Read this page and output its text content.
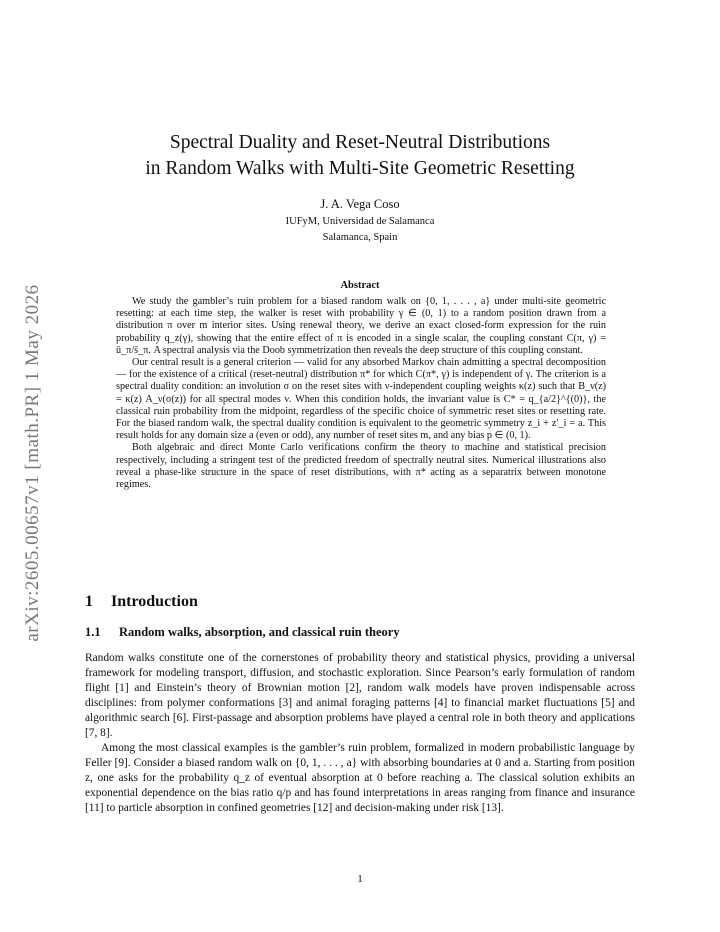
arXiv:2605.00657v1 [math.PR] 1 May 2026
Spectral Duality and Reset-Neutral Distributions
in Random Walks with Multi-Site Geometric Resetting
J. A. Vega Coso
IUFyM, Universidad de Salamanca
Salamanca, Spain
Abstract

We study the gambler’s ruin problem for a biased random walk on {0, 1, . . . , a} under multi-site geometric resetting: at each time step, the walker is reset with probability γ ∈ (0, 1) to a random position drawn from a distribution π over m interior sites. Using renewal theory, we derive an exact closed-form expression for the ruin probability q_z(γ), showing that the entire effect of π is encoded in a single scalar, the coupling constant C(π, γ) = ū_π/s̄_π. A spectral analysis via the Doob symmetrization then reveals the deep structure of this coupling constant.

Our central result is a general criterion — valid for any absorbed Markov chain admitting a spectral decomposition — for the existence of a critical (reset-neutral) distribution π* for which C(π*, γ) is independent of γ. The criterion is a spectral duality condition: an involution σ on the reset sites with ν-independent coupling weights κ(z) such that B_ν(z) = κ(z) A_ν(σ(z)) for all spectral modes ν. When this condition holds, the invariant value is C* = q_{a/2}^{(0)}, the classical ruin probability from the midpoint, regardless of the specific choice of symmetric reset sites or resetting rate. For the biased random walk, the spectral duality condition is equivalent to the geometric symmetry z_i + z′_i = a. This result holds for any domain size a (even or odd), any number of reset sites m, and any bias p ∈ (0, 1).

Both algebraic and direct Monte Carlo verifications confirm the theory to machine and statistical precision respectively, including a stringent test of the predicted freedom of spectrally neutral sites. Numerical illustrations also reveal a phase-like structure in the space of reset distributions, with π* acting as a separatrix between monotone regimes.

1 Introduction
1.1 Random walks, absorption, and classical ruin theory

Random walks constitute one of the cornerstones of probability theory and statistical physics, providing a universal framework for modeling transport, diffusion, and stochastic exploration. Since Pearson’s early formulation of random flight [1] and Einstein’s theory of Brownian motion [2], random walk models have proven indispensable across disciplines: from polymer conformations [3] and animal foraging patterns [4] to financial market fluctuations [5] and algorithmic search [6]. First-passage and absorption problems have played a central role in both theory and applications [7, 8].

Among the most classical examples is the gambler’s ruin problem, formalized in modern probabilistic language by Feller [9]. Consider a biased random walk on {0, 1, . . . , a} with absorbing boundaries at 0 and a. Starting from position z, one asks for the probability q_z of eventual absorption at 0 before reaching a. The classical solution exhibits an exponential dependence on the bias ratio q/p and has found interpretations in areas ranging from finance and insurance [11] to particle absorption in confined geometries [12] and decision-making under risk [13].

1
